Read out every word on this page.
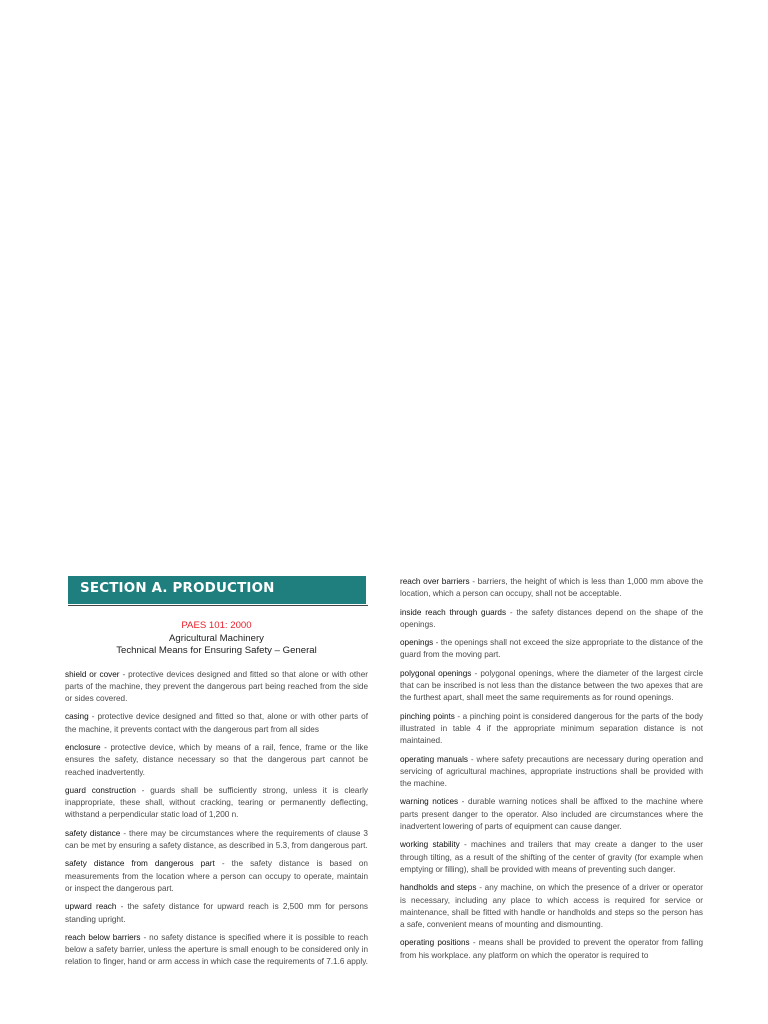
SECTION A. PRODUCTION MACHINERY
PAES 101: 2000
Agricultural Machinery
Technical Means for Ensuring Safety – General

shield or cover - protective devices designed and fitted so that alone or with other parts of the machine, they prevent the dangerous part being reached from the side or sides covered.

casing - protective device designed and fitted so that, alone or with other parts of the machine, it prevents contact with the dangerous part from all sides

enclosure - protective device, which by means of a rail, fence, frame or the like ensures the safety, distance necessary so that the dangerous part cannot be reached inadvertently.

guard construction - guards shall be sufficiently strong, unless it is clearly inappropriate, these shall, without cracking, tearing or permanently deflecting, withstand a perpendicular static load of 1,200 n.

safety distance - there may be circumstances where the requirements of clause 3 can be met by ensuring a safety distance, as described in 5.3, from dangerous part.

safety distance from dangerous part - the safety distance is based on measurements from the location where a person can occupy to operate, maintain or inspect the dangerous part.

upward reach - the safety distance for upward reach is 2,500 mm for persons standing upright.

reach below barriers - no safety distance is specified where it is possible to reach below a safety barrier, unless the aperture is small enough to be considered only in relation to finger, hand or arm access in which case the requirements of 7.1.6 apply.

reach over barriers - barriers, the height of which is less than 1,000 mm above the location, which a person can occupy, shall not be acceptable.

inside reach through guards - the safety distances depend on the shape of the openings.

openings - the openings shall not exceed the size appropriate to the distance of the guard from the moving part.

polygonal openings - polygonal openings, where the diameter of the largest circle that can be inscribed is not less than the distance between the two apexes that are the furthest apart, shall meet the same requirements as for round openings.

pinching points - a pinching point is considered dangerous for the parts of the body illustrated in table 4 if the appropriate minimum separation distance is not maintained.

operating manuals - where safety precautions are necessary during operation and servicing of agricultural machines, appropriate instructions shall be provided with the machine.

warning notices - durable warning notices shall be affixed to the machine where parts present danger to the operator. Also included are circumstances where the inadvertent lowering of parts of equipment can cause danger.

working stability - machines and trailers that may create a danger to the user through tilting, as a result of the shifting of the center of gravity (for example when emptying or filling), shall be provided with means of preventing such danger.

handholds and steps - any machine, on which the presence of a driver or operator is necessary, including any place to which access is required for service or maintenance, shall be fitted with handle or handholds and steps so the person has a safe, convenient means of mounting and dismounting.

operating positions - means shall be provided to prevent the operator from falling from his workplace. any platform on which the operator is required to
